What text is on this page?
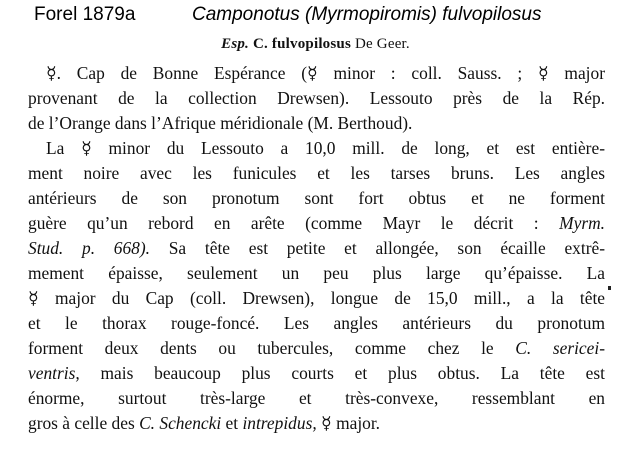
Forel 1879a	Camponotus (Myrmopiromis) fulvopilosus
Esp. C. fulvopilosus De Geer.
☿. Cap de Bonne Espérance (☿ minor : coll. Sauss. ; ☿ major
provenant de la collection Drewsen). Lessouto près de la Rép.
de l’Orange dans l’Afrique méridionale (M. Berthoud).
La ☿ minor du Lessouto a 10,0 mill. de long, et est entière-
ment noire avec les funicules et les tarses bruns. Les angles
antérieurs de son pronotum sont fort obtus et ne forment
guère qu’un rebord en arête (comme Mayr le décrit : Myrm.
Stud. p. 668). Sa tête est petite et allongée, son écaille extrê-
mement épaisse, seulement un peu plus large qu’épaisse. La
☿ major du Cap (coll. Drewsen), longue de 15,0 mill., a la tête
et le thorax rouge-foncé. Les angles antérieurs du pronotum
forment deux dents ou tubercules, comme chez le C. sericei-
ventris, mais beaucoup plus courts et plus obtus. La tête est
énorme, surtout très-large et très-convexe, ressemblant en
gros à celle des C. Schencki et intrepidus, ☿ major.
